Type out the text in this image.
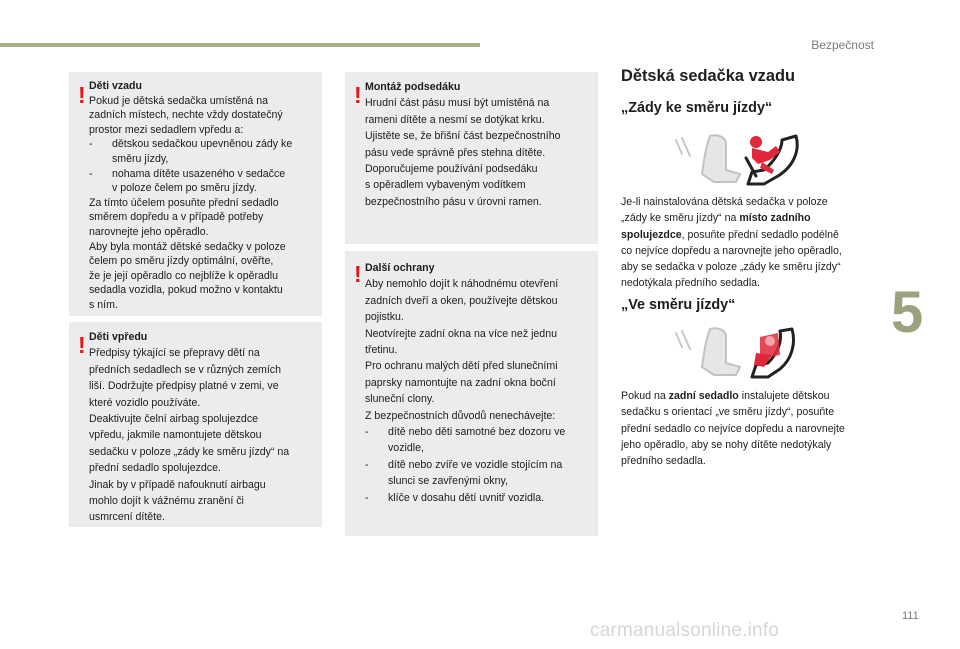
Bezpečnost
5
111
carmanualsonline.info
! Děti vzadu
Pokud je dětská sedačka umístěná na
zadních místech, nechte vždy dostatečný
prostor mezi sedadlem vpředu a:
- dětskou sedačkou upevněnou zády ke
směru jízdy,
- nohama dítěte usazeného v sedačce
v poloze čelem po směru jízdy.
Za tímto účelem posuňte přední sedadlo
směrem dopředu a v případě potřeby
narovnejte jeho opěradlo.
Aby byla montáž dětské sedačky v poloze
čelem po směru jízdy optimální, ověřte,
že je její opěradlo co nejblíže k opěradlu
sedadla vozidla, pokud možno v kontaktu
s ním.
! Děti vpředu
Předpisy týkající se přepravy dětí na
předních sedadlech se v různých zemích
liší. Dodržujte předpisy platné v zemi, ve
které vozidlo používáte.
Deaktivujte čelní airbag spolujezdce
vpředu, jakmile namontujete dětskou
sedačku v poloze „zády ke směru jízdy“ na
přední sedadlo spolujezdce.
Jinak by v případě nafouknutí airbagu
mohlo dojít k vážnému zranění či
usmrcení dítěte.
! Montáž podsedáku
Hrudní část pásu musí být umístěná na
rameni dítěte a nesmí se dotýkat krku.
Ujistěte se, že břišní část bezpečnostního
pásu vede správně přes stehna dítěte.
Doporučujeme používání podsedáku
s opěradlem vybaveným vodítkem
bezpečnostního pásu v úrovni ramen.
! Další ochrany
Aby nemohlo dojít k náhodnému otevření
zadních dveří a oken, používejte dětskou
pojistku.
Neotvírejte zadní okna na více než jednu
třetinu.
Pro ochranu malých dětí před slunečními
paprsky namontujte na zadní okna boční
sluneční clony.
Z bezpečnostních důvodů nenechávejte:
- dítě nebo děti samotné bez dozoru ve
vozidle,
- dítě nebo zvíře ve vozidle stojícím na
slunci se zavřenými okny,
- klíče v dosahu dětí uvnitř vozidla.
Dětská sedačka vzadu
„Zády ke směru jízdy“
Je-li nainstalována dětská sedačka v poloze
„zády ke směru jízdy“ na místo zadního
spolujezdce, posuňte přední sedadlo podélně
co nejvíce dopředu a narovnejte jeho opěradlo,
aby se sedačka v poloze „zády ke směru jízdy“
nedotýkala předního sedadla.
„Ve směru jízdy“
Pokud na zadní sedadlo instalujete dětskou
sedačku s orientací „ve směru jízdy“, posuňte
přední sedadlo co nejvíce dopředu a narovnejte
jeho opěradlo, aby se nohy dítěte nedotýkaly
předního sedadla.
